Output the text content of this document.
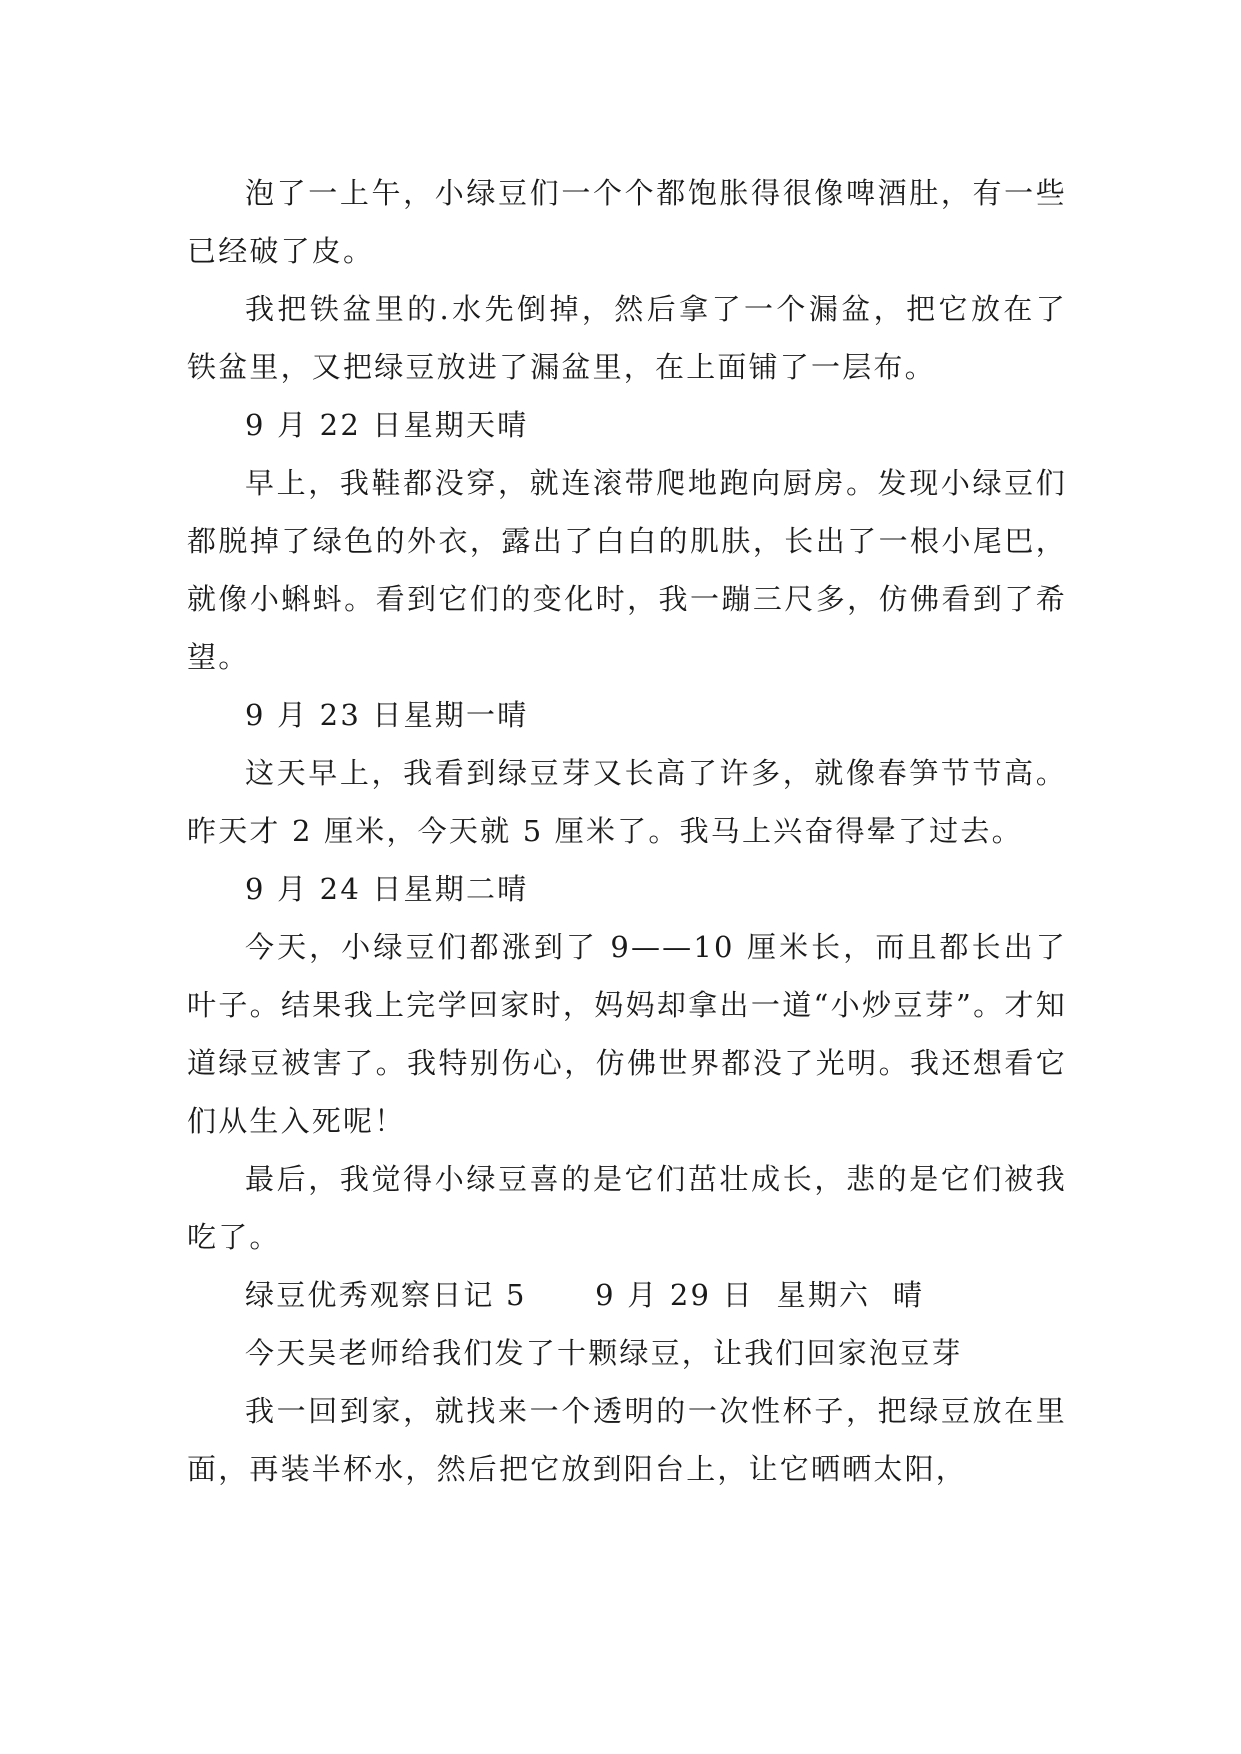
泡了一上午，小绿豆们一个个都饱胀得很像啤酒肚，有一些已经破了皮。

我把铁盆里的.水先倒掉，然后拿了一个漏盆，把它放在了铁盆里，又把绿豆放进了漏盆里，在上面铺了一层布。

9 月 22 日星期天晴

早上，我鞋都没穿，就连滚带爬地跑向厨房。发现小绿豆们都脱掉了绿色的外衣，露出了白白的肌肤，长出了一根小尾巴，就像小蝌蚪。看到它们的变化时，我一蹦三尺多，仿佛看到了希望。

9 月 23 日星期一晴

这天早上，我看到绿豆芽又长高了许多，就像春笋节节高。昨天才 2 厘米，今天就 5 厘米了。我马上兴奋得晕了过去。

9 月 24 日星期二晴

今天，小绿豆们都涨到了 9——10 厘米长，而且都长出了叶子。结果我上完学回家时，妈妈却拿出一道“小炒豆芽”。才知道绿豆被害了。我特别伤心，仿佛世界都没了光明。我还想看它们从生入死呢！

最后，我觉得小绿豆喜的是它们茁壮成长，悲的是它们被我吃了。

绿豆优秀观察日记 5      9 月 29 日  星期六  晴

今天吴老师给我们发了十颗绿豆，让我们回家泡豆芽

我一回到家，就找来一个透明的一次性杯子，把绿豆放在里面，再装半杯水，然后把它放到阳台上，让它晒晒太阳，
